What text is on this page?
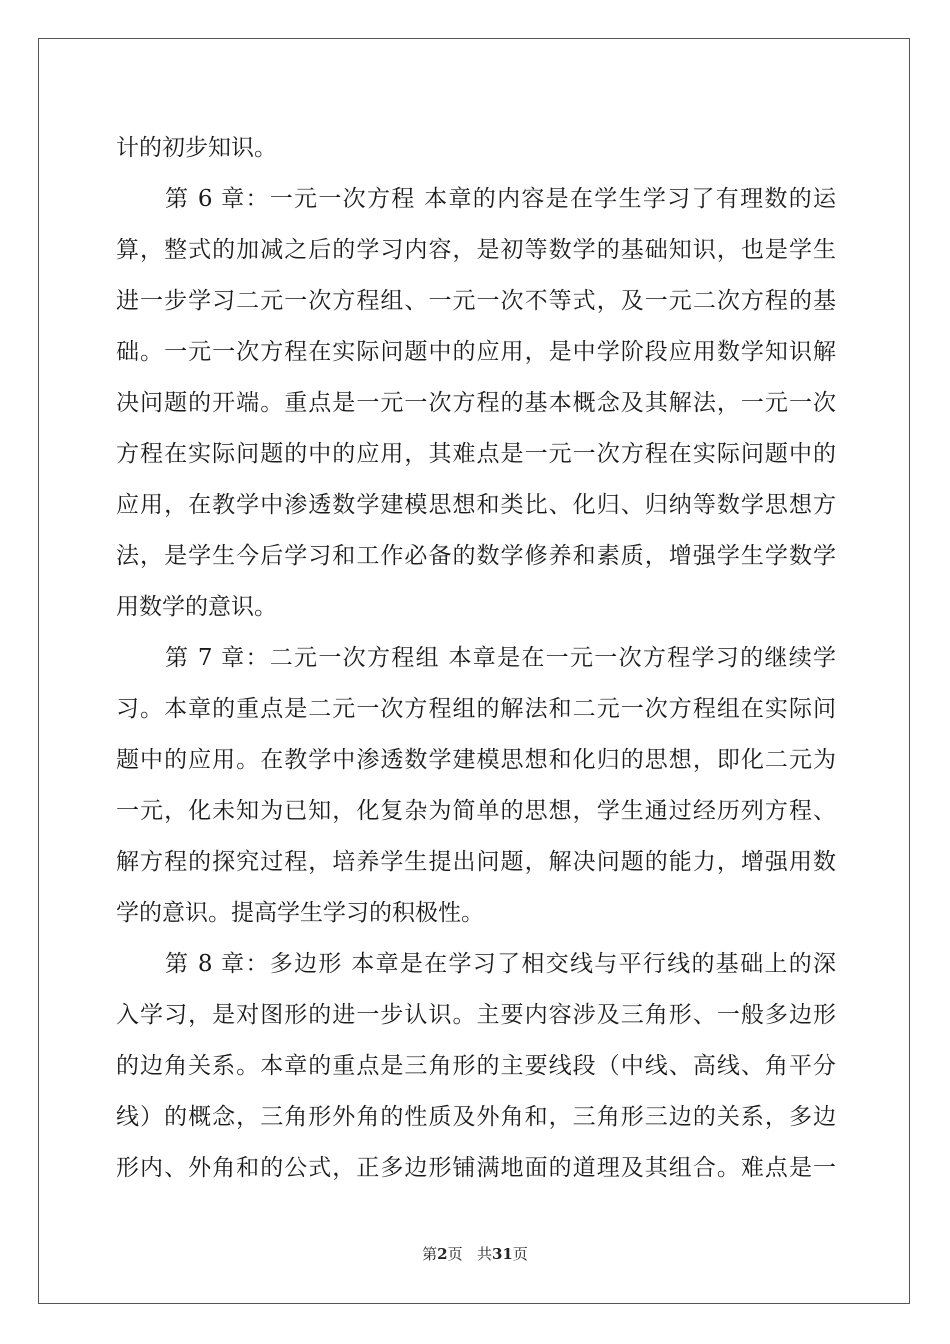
计的初步知识。
第 6 章：一元一次方程 本章的内容是在学生学习了有理数的运
算，整式的加减之后的学习内容，是初等数学的基础知识，也是学生
进一步学习二元一次方程组、一元一次不等式，及一元二次方程的基
础。一元一次方程在实际问题中的应用，是中学阶段应用数学知识解
决问题的开端。重点是一元一次方程的基本概念及其解法，一元一次
方程在实际问题的中的应用，其难点是一元一次方程在实际问题中的
应用，在教学中渗透数学建模思想和类比、化归、归纳等数学思想方
法，是学生今后学习和工作必备的数学修养和素质，增强学生学数学
用数学的意识。
第 7 章：二元一次方程组 本章是在一元一次方程学习的继续学
习。本章的重点是二元一次方程组的解法和二元一次方程组在实际问
题中的应用。在教学中渗透数学建模思想和化归的思想，即化二元为
一元，化未知为已知，化复杂为简单的思想，学生通过经历列方程、
解方程的探究过程，培养学生提出问题，解决问题的能力，增强用数
学的意识。提高学生学习的积极性。
第 8 章：多边形 本章是在学习了相交线与平行线的基础上的深
入学习，是对图形的进一步认识。主要内容涉及三角形、一般多边形
的边角关系。本章的重点是三角形的主要线段（中线、高线、角平分
线）的概念，三角形外角的性质及外角和，三角形三边的关系，多边
形内、外角和的公式，正多边形铺满地面的道理及其组合。难点是一
第2页 共31页
